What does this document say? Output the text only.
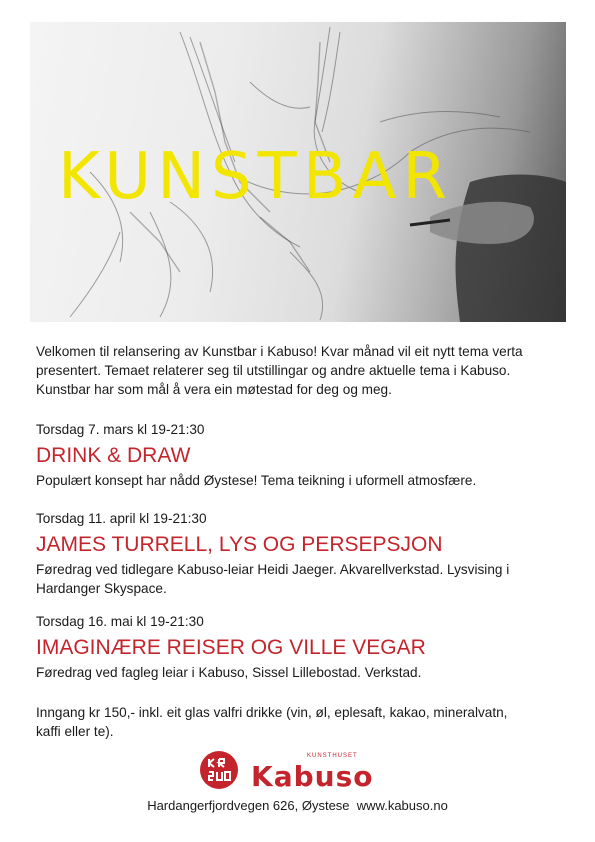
KUNSTBAR

Velkomen til relansering av Kunstbar i Kabuso! Kvar månad vil eit nytt tema verta presentert. Temaet relaterer seg til utstillingar og andre aktuelle tema i Kabuso. Kunstbar har som mål å vera ein møtestad for deg og meg.

Torsdag 7. mars kl 19-21:30

DRINK & DRAW

Populært konsept har nådd Øystese! Tema teikning i uformell atmosfære.

Torsdag 11. april kl 19-21:30

JAMES TURRELL, LYS OG PERSEPSJON

Føredrag ved tidlegare Kabuso-leiar Heidi Jaeger. Akvarellverkstad. Lysvising i Hardanger Skyspace.

Torsdag 16. mai kl 19-21:30

IMAGINÆRE REISER OG VILLE VEGAR

Føredrag ved fagleg leiar i Kabuso, Sissel Lillebostad. Verkstad.

Inngang kr 150,- inkl. eit glas valfri drikke (vin, øl, eplesaft, kakao, mineralvatn, kaffi eller te).

KUNSTHUSET
Kabuso
Hardangerfjordvegen 626, Øystese  www.kabuso.no
